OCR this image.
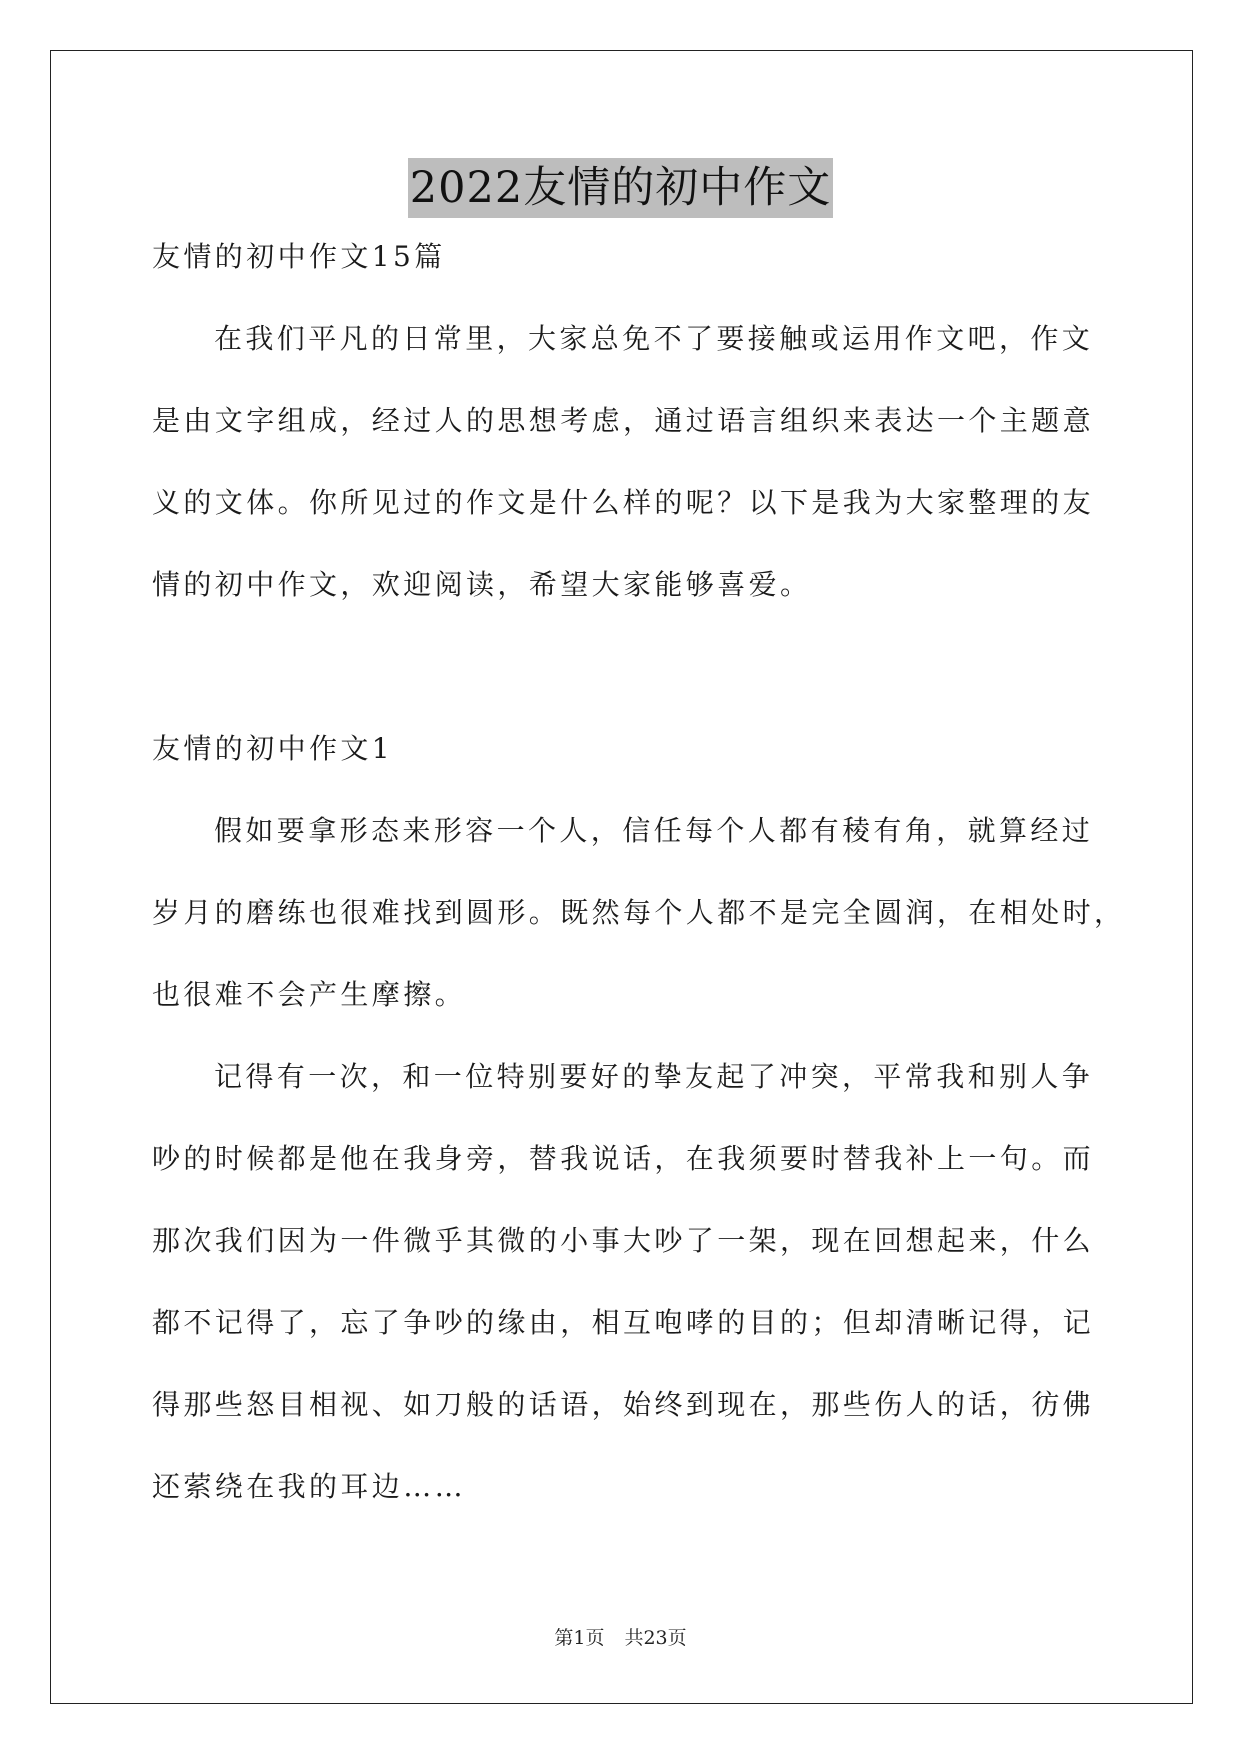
2022友情的初中作文
友情的初中作文15篇
在我们平凡的日常里，大家总免不了要接触或运用作文吧，作文
是由文字组成，经过人的思想考虑，通过语言组织来表达一个主题意
义的文体。你所见过的作文是什么样的呢？以下是我为大家整理的友
情的初中作文，欢迎阅读，希望大家能够喜爱。
友情的初中作文1
假如要拿形态来形容一个人，信任每个人都有稜有角，就算经过
岁月的磨练也很难找到圆形。既然每个人都不是完全圆润，在相处时，
也很难不会产生摩擦。
记得有一次，和一位特别要好的挚友起了冲突，平常我和别人争
吵的时候都是他在我身旁，替我说话，在我须要时替我补上一句。而
那次我们因为一件微乎其微的小事大吵了一架，现在回想起来，什么
都不记得了，忘了争吵的缘由，相互咆哮的目的；但却清晰记得，记
得那些怒目相视、如刀般的话语，始终到现在，那些伤人的话，彷佛
还萦绕在我的耳边……
第1页 共23页
